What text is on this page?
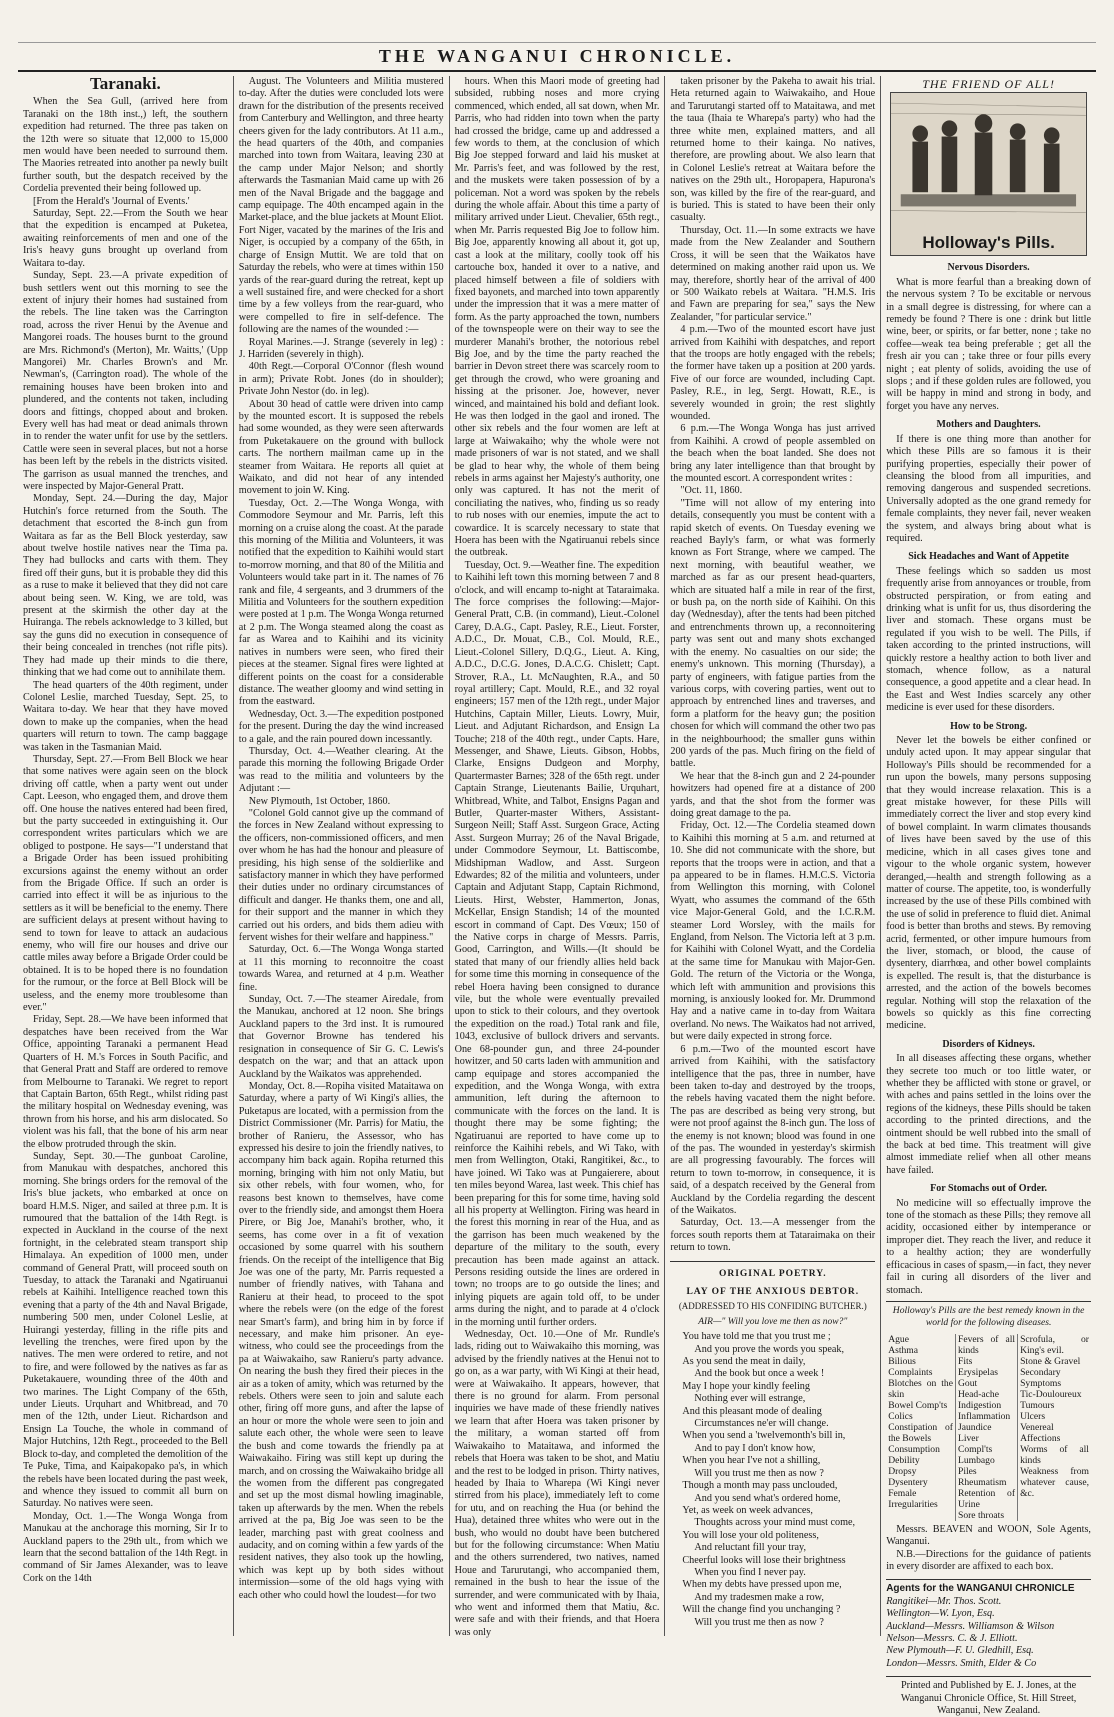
THE WANGANUI CHRONICLE.
Taranaki.

When the Sea Gull, (arrived here from Taranaki on the 18th inst.,) left, the southern expedition had returned. The three pas taken on the 12th were so situate that 12,000 to 15,000 men would have been needed to surround them. The Maories retreated into another pa newly built further south, but the despatch received by the Cordelia prevented their being followed up.

[From the Herald's 'Journal of Events.'

Saturday, Sept. 22.—From the South we hear that the expedition is encamped at Puketea, awaiting reinforcements of men and one of the Iris's heavy guns brought up overland from Waitara to-day.

Sunday, Sept. 23.—A private expedition of bush settlers went out this morning to see the extent of injury their homes had sustained from the rebels. The line taken was the Carrington road, across the river Henui by the Avenue and Mangorei roads. The houses burnt to the ground are Mrs. Richmond's (Merton), Mr. Waitts,' (Upp Mangorei) Mr. Charles Brown's and Mr. Newman's, (Carrington road). The whole of the remaining houses have been broken into and plundered, and the contents not taken, including doors and fittings, chopped about and broken. Every well has had meat or dead animals thrown in to render the water unfit for use by the settlers. Cattle were seen in several places, but not a horse has been left by the rebels in the districts visited. The garrison as usual manned the trenches, and were inspected by Major-General Pratt.

Monday, Sept. 24.—During the day, Major Hutchin's force returned from the South. The detachment that escorted the 8-inch gun from Waitara as far as the Bell Block yesterday, saw about twelve hostile natives near the Tima pa. They had bullocks and carts with them. They fired off their guns, but it is probable they did this as a ruse to make it believed that they did not care about being seen. W. King, we are told, was present at the skirmish the other day at the Huiranga. The rebels acknowledge to 3 killed, but say the guns did no execution in consequence of their being concealed in trenches (not rifle pits). They had made up their minds to die there, thinking that we had come out to annihilate them.

The head quarters of the 40th regiment, under Colonel Leslie, marched Tuesday, Sept. 25, to Waitara to-day. We hear that they have moved down to make up the companies, when the head quarters will return to town. The camp baggage was taken in the Tasmanian Maid.

Thursday, Sept. 27.—From Bell Block we hear that some natives were again seen on the block driving off cattle, when a party went out under Capt. Leeson, who engaged them, and drove them off. One house the natives entered had been fired, but the party succeeded in extinguishing it. Our correspondent writes particulars which we are obliged to postpone. He says—"I understand that a Brigade Order has been issued prohibiting excursions against the enemy without an order from the Brigade Office. If such an order is carried into effect it will be as injurious to the settlers as it will be beneficial to the enemy. There are sufficient delays at present without having to send to town for leave to attack an audacious enemy, who will fire our houses and drive our cattle miles away before a Brigade Order could be obtained. It is to be hoped there is no foundation for the rumour, or the force at Bell Block will be useless, and the enemy more troublesome than ever."

Friday, Sept. 28.—We have been informed that despatches have been received from the War Office, appointing Taranaki a permanent Head Quarters of H. M.'s Forces in South Pacific, and that General Pratt and Staff are ordered to remove from Melbourne to Taranaki. We regret to report that Captain Barton, 65th Regt., whilst riding past the military hospital on Wednesday evening, was thrown from his horse, and his arm dislocated. So violent was his fall, that the bone of his arm near the elbow protruded through the skin.

Sunday, Sept. 30.—The gunboat Caroline, from Manukau with despatches, anchored this morning. She brings orders for the removal of the Iris's blue jackets, who embarked at once on board H.M.S. Niger, and sailed at three p.m. It is rumoured that the battalion of the 14th Regt. is expected in Auckland in the course of the next fortnight, in the celebrated steam transport ship Himalaya. An expedition of 1000 men, under command of General Pratt, will proceed south on Tuesday, to attack the Taranaki and Ngatiruanui rebels at Kaihihi. Intelligence reached town this evening that a party of the 4th and Naval Brigade, numbering 500 men, under Colonel Leslie, at Huirangi yesterday, filling in the rifle pits and levelling the trenches, were fired upon by the natives. The men were ordered to retire, and not to fire, and were followed by the natives as far as Puketakauere, wounding three of the 40th and two marines. The Light Company of the 65th, under Lieuts. Urquhart and Whitbread, and 70 men of the 12th, under Lieut. Richardson and Ensign La Touche, the whole in command of Major Hutchins, 12th Regt., proceeded to the Bell Block to-day, and completed the demolition of the Te Puke, Tima, and Kaipakopako pa's, in which the rebels have been located during the past week, and whence they issued to commit all burn on Saturday. No natives were seen.

Monday, Oct. 1.—The Wonga Wonga from Manukau at the anchorage this morning, Sir Ir to Auckland papers to the 29th ult., from which we learn that the second battalion of the 14th Regt. in command of Sir James Alexander, was to leave Cork on the 14th

August. The Volunteers and Militia mustered to-day. After the duties were concluded lots were drawn for the distribution of the presents received from Canterbury and Wellington, and three hearty cheers given for the lady contributors. At 11 a.m., the head quarters of the 40th, and companies marched into town from Waitara, leaving 230 at the camp under Major Nelson; and shortly afterwards the Tasmanian Maid came up with 26 men of the Naval Brigade and the baggage and camp equipage. The 40th encamped again in the Market-place, and the blue jackets at Mount Eliot. Fort Niger, vacated by the marines of the Iris and Niger, is occupied by a company of the 65th, in charge of Ensign Muttit. We are told that on Saturday the rebels, who were at times within 150 yards of the rear-guard during the retreat, kept up a well sustained fire, and were checked for a short time by a few volleys from the rear-guard, who were compelled to fire in self-defence. The following are the names of the wounded :—

Royal Marines.—J. Strange (severely in leg) : J. Harriden (severely in thigh).

40th Regt.—Corporal O'Connor (flesh wound in arm); Private Robt. Jones (do in shoulder); Private John Nestor (do. in leg).

About 30 head of cattle were driven into camp by the mounted escort. It is supposed the rebels had some wounded, as they were seen afterwards from Puketakauere on the ground with bullock carts. The northern mailman came up in the steamer from Waitara. He reports all quiet at Waikato, and did not hear of any intended movement to join W. King.

Tuesday, Oct. 2.—The Wonga Wonga, with Commodore Seymour and Mr. Parris, left this morning on a cruise along the coast. At the parade this morning of the Militia and Volunteers, it was notified that the expedition to Kaihihi would start to-morrow morning, and that 80 of the Militia and Volunteers would take part in it. The names of 76 rank and file, 4 sergeants, and 3 drummers of the Militia and Volunteers for the southern expedition were posted at 1 p.m. The Wonga Wonga returned at 2 p.m. The Wonga steamed along the coast as far as Warea and to Kaihihi and its vicinity natives in numbers were seen, who fired their pieces at the steamer. Signal fires were lighted at different points on the coast for a considerable distance. The weather gloomy and wind setting in from the eastward.

Wednesday, Oct. 3.—The expedition postponed for the present. During the day the wind increased to a gale, and the rain poured down incessantly.

Thursday, Oct. 4.—Weather clearing. At the parade this morning the following Brigade Order was read to the militia and volunteers by the Adjutant :—

New Plymouth, 1st October, 1860.

"Colonel Gold cannot give up the command of the forces in New Zealand without expressing to the officers, non-commissioned officers, and men over whom he has had the honour and pleasure of presiding, his high sense of the soldierlike and satisfactory manner in which they have performed their duties under no ordinary circumstances of difficult and danger. He thanks them, one and all, for their support and the manner in which they carried out his orders, and bids them adieu with fervent wishes for their welfare and happiness."

Saturday, Oct. 6.—The Wonga Wonga started at 11 this morning to reconnoitre the coast towards Warea, and returned at 4 p.m. Weather fine.

Sunday, Oct. 7.—The steamer Airedale, from the Manukau, anchored at 12 noon. She brings Auckland papers to the 3rd inst. It is rumoured that Governor Browne has tendered his resignation in consequence of Sir G. C. Lewis's despatch on the war; and that an attack upon Auckland by the Waikatos was apprehended.

Monday, Oct. 8.—Ropiha visited Mataitawa on Saturday, where a party of Wi Kingi's allies, the Puketapus are located, with a permission from the District Commissioner (Mr. Parris) for Matiu, the brother of Ranieru, the Assessor, who has expressed his desire to join the friendly natives, to accompany him back again. Ropiha returned this morning, bringing with him not only Matiu, but six other rebels, with four women, who, for reasons best known to themselves, have come over to the friendly side, and amongst them Hoera Pirere, or Big Joe, Manahi's brother, who, it seems, has come over in a fit of vexation occasioned by some quarrel with his southern friends. On the receipt of the intelligence that Big Joe was one of the party, Mr. Parris requested a number of friendly natives, with Tahana and Ranieru at their head, to proceed to the spot where the rebels were (on the edge of the forest near Smart's farm), and bring him in by force if necessary, and make him prisoner. An eye-witness, who could see the proceedings from the pa at Waiwakaiho, saw Ranieru's party advance. On nearing the bush they fired their pieces in the air as a token of amity, which was returned by the rebels. Others were seen to join and salute each other, firing off more guns, and after the lapse of an hour or more the whole were seen to join and salute each other, the whole were seen to leave the bush and come towards the friendly pa at Waiwakaiho. Firing was still kept up during the march, and on crossing the Waiwakaiho bridge all the women from the different pas congregated and set up the most dismal howling imaginable, taken up afterwards by the men. When the rebels arrived at the pa, Big Joe was seen to be the leader, marching past with great coolness and audacity, and on coming within a few yards of the resident natives, they also took up the howling, which was kept up by both sides without intermission—some of the old hags vying with each other who could howl the loudest—for two

hours. When this Maori mode of greeting had subsided, rubbing noses and more crying commenced, which ended, all sat down, when Mr. Parris, who had ridden into town when the party had crossed the bridge, came up and addressed a few words to them, at the conclusion of which Big Joe stepped forward and laid his musket at Mr. Parris's feet, and was followed by the rest, and the muskets were taken possession of by a policeman. Not a word was spoken by the rebels during the whole affair. About this time a party of military arrived under Lieut. Chevalier, 65th regt., when Mr. Parris requested Big Joe to follow him. Big Joe, apparently knowing all about it, got up, cast a look at the military, coolly took off his cartouche box, handed it over to a native, and placed himself between a file of soldiers with fixed bayonets, and marched into town apparently under the impression that it was a mere matter of form. As the party approached the town, numbers of the townspeople were on their way to see the murderer Manahi's brother, the notorious rebel Big Joe, and by the time the party reached the barrier in Devon street there was scarcely room to get through the crowd, who were groaning and hissing at the prisoner. Joe, however, never winced, and maintained his bold and defiant look. He was then lodged in the gaol and ironed. The other six rebels and the four women are left at large at Waiwakaiho; why the whole were not made prisoners of war is not stated, and we shall be glad to hear why, the whole of them being rebels in arms against her Majesty's authority, one only was captured. It has not the merit of conciliating the natives, who, finding us so ready to rub noses with our enemies, impute the act to cowardice. It is scarcely necessary to state that Hoera has been with the Ngatiruanui rebels since the outbreak.

Tuesday, Oct. 9.—Weather fine. The expedition to Kaihihi left town this morning between 7 and 8 o'clock, and will encamp to-night at Tataraimaka. The force comprises the following:—Major-General Pratt, C.B. (in command), Lieut.-Colonel Carey, D.A.G., Capt. Pasley, R.E., Lieut. Forster, A.D.C., Dr. Mouat, C.B., Col. Mould, R.E., Lieut.-Colonel Sillery, D.Q.G., Lieut. A. King, A.D.C., D.C.G. Jones, D.A.C.G. Chislett; Capt. Strover, R.A., Lt. McNaughten, R.A., and 50 royal artillery; Capt. Mould, R.E., and 32 royal engineers; 157 men of the 12th regt., under Major Hutchins, Captain Miller, Lieuts. Lowry, Muir, Lieut. and Adjutant Richardson, and Ensign La Touche; 218 of the 40th regt., under Capts. Hare, Messenger, and Shawe, Lieuts. Gibson, Hobbs, Clarke, Ensigns Dudgeon and Morphy, Quartermaster Barnes; 328 of the 65th regt. under Captain Strange, Lieutenants Bailie, Urquhart, Whitbread, White, and Talbot, Ensigns Pagan and Butler, Quarter-master Withers, Assistant-Surgeon Neill; Staff Asst. Surgeon Grace, Acting Asst. Surgeon Murray; 26 of the Naval Brigade, under Commodore Seymour, Lt. Battiscombe, Midshipman Wadlow, and Asst. Surgeon Edwardes; 82 of the militia and volunteers, under Captain and Adjutant Stapp, Captain Richmond, Lieuts. Hirst, Webster, Hammerton, Jonas, McKellar, Ensign Standish; 14 of the mounted escort in command of Capt. Des Vœux; 150 of the Native corps in charge of Messrs. Parris, Good, Carrington, and Wills.—(It should be stated that many of our friendly allies held back for some time this morning in consequence of the rebel Hoera having been consigned to durance vile, but the whole were eventually prevailed upon to stick to their colours, and they overtook the expedition on the road.) Total rank and file, 1043, exclusive of bullock drivers and servants. One 68-pounder gun, and three 24-pounder howitzer, and 50 carts laden with ammunition and camp equipage and stores accompanied the expedition, and the Wonga Wonga, with extra ammunition, left during the afternoon to communicate with the forces on the land. It is thought there may be some fighting; the Ngatiruanui are reported to have come up to reinforce the Kaihihi rebels, and Wi Tako, with men from Wellington, Otaki, Rangitikei, &c., to have joined. Wi Tako was at Pungaierere, about ten miles beyond Warea, last week. This chief has been preparing for this for some time, having sold all his property at Wellington. Firing was heard in the forest this morning in rear of the Hua, and as the garrison has been much weakened by the departure of the military to the south, every precaution has been made against an attack. Persons residing outside the lines are ordered in town; no troops are to go outside the lines; and inlying piquets are again told off, to be under arms during the night, and to parade at 4 o'clock in the morning until further orders.

Wednesday, Oct. 10.—One of Mr. Rundle's lads, riding out to Waiwakaiho this morning, was advised by the friendly natives at the Henui not to go on, as a war party, with Wi Kingi at their head, were at Waiwakaiho. It appears, however, that there is no ground for alarm. From personal inquiries we have made of these friendly natives we learn that after Hoera was taken prisoner by the military, a woman started off from Waiwakaiho to Mataitawa, and informed the rebels that Hoera was taken to be shot, and Matiu and the rest to be lodged in prison. Thirty natives, headed by Ihaia to Wharepa (Wi Kingi never stirred from his place), immediately left to come for utu, and on reaching the Hua (or behind the Hua), detained three whites who were out in the bush, who would no doubt have been butchered but for the following circumstance: When Matiu and the others surrendered, two natives, named Houe and Tarurutangi, who accompanied them, remained in the bush to hear the issue of the surrender, and were communicated with by Ihaia, who went and informed them that Matiu, &c. were safe and with their friends, and that Hoera was only

taken prisoner by the Pakeha to await his trial. Heta returned again to Waiwakaiho, and Houe and Tarurutangi started off to Mataitawa, and met the taua (Ihaia te Wharepa's party) who had the three white men, explained matters, and all returned home to their kainga. No natives, therefore, are prowling about. We also learn that in Colonel Leslie's retreat at Waitara before the natives on the 29th ult., Horopapera, Hapurona's son, was killed by the fire of the rear-guard, and is buried. This is stated to have been their only casualty.

Thursday, Oct. 11.—In some extracts we have made from the New Zealander and Southern Cross, it will be seen that the Waikatos have determined on making another raid upon us. We may, therefore, shortly hear of the arrival of 400 or 500 Waikato rebels at Waitara. "H.M.S. Iris and Fawn are preparing for sea," says the New Zealander, "for particular service."

4 p.m.—Two of the mounted escort have just arrived from Kaihihi with despatches, and report that the troops are hotly engaged with the rebels; the former have taken up a position at 200 yards. Five of our force are wounded, including Capt. Pasley, R.E., in leg, Sergt. Howatt, R.E., is severely wounded in groin; the rest slightly wounded.

6 p.m.—The Wonga Wonga has just arrived from Kaihihi. A crowd of people assembled on the beach when the boat landed. She does not bring any later intelligence than that brought by the mounted escort. A correspondent writes :

"Oct. 11, 1860.

"Time will not allow of my entering into details, consequently you must be content with a rapid sketch of events. On Tuesday evening we reached Bayly's farm, or what was formerly known as Fort Strange, where we camped. The next morning, with beautiful weather, we marched as far as our present head-quarters, which are situated half a mile in rear of the first, or bush pa, on the north side of Kaihihi. On this day (Wednesday), after the tents had been pitched and entrenchments thrown up, a reconnoitering party was sent out and many shots exchanged with the enemy. No casualties on our side; the enemy's unknown. This morning (Thursday), a party of engineers, with fatigue parties from the various corps, with covering parties, went out to approach by entrenched lines and traverses, and form a platform for the heavy gun; the position chosen for which will command the other two pas in the neighbourhood; the smaller guns within 200 yards of the pas. Much firing on the field of battle.

We hear that the 8-inch gun and 2 24-pounder howitzers had opened fire at a distance of 200 yards, and that the shot from the former was doing great damage to the pa.

Friday, Oct. 12.—The Cordelia steamed down to Kaihihi this morning at 5 a.m. and returned at 10. She did not communicate with the shore, but reports that the troops were in action, and that a pa appeared to be in flames. H.M.C.S. Victoria from Wellington this morning, with Colonel Wyatt, who assumes the command of the 65th vice Major-General Gold, and the I.C.R.M. steamer Lord Worsley, with the mails for England, from Nelson. The Victoria left at 3 p.m. for Kaihihi with Colonel Wyatt, and the Cordelia at the same time for Manukau with Major-Gen. Gold. The return of the Victoria or the Wonga, which left with ammunition and provisions this morning, is anxiously looked for. Mr. Drummond Hay and a native came in to-day from Waitara overland. No news. The Waikatos had not arrived, but were daily expected in strong force.

6 p.m.—Two of the mounted escort have arrived from Kaihihi, with the satisfactory intelligence that the pas, three in number, have been taken to-day and destroyed by the troops, the rebels having vacated them the night before. The pas are described as being very strong, but were not proof against the 8-inch gun. The loss of the enemy is not known; blood was found in one of the pas. The wounded in yesterday's skirmish are all progressing favourably. The forces will return to town to-morrow, in consequence, it is said, of a despatch received by the General from Auckland by the Cordelia regarding the descent of the Waikatos.

Saturday, Oct. 13.—A messenger from the forces south reports them at Tataraimaka on their return to town.

ORIGINAL POETRY.
LAY OF THE ANXIOUS DEBTOR.
(ADDRESSED TO HIS CONFIDING BUTCHER.)
AIR—" Will you love me then as now?"

You have told me that you trust me ;

And you prove the words you speak,

As you send the meat in daily,

And the book but once a week !

May I hope your kindly feeling

Nothing ever will estrange,

And this pleasant mode of dealing

Circumstances ne'er will change.

When you send a 'twelvemonth's bill in,

And to pay I don't know how,

When you hear I've not a shilling,

Will you trust me then as now ?

Though a month may pass unclouded,

And you send what's ordered home,

Yet, as week on week advances,

Thoughts across your mind must come,

You will lose your old politeness,

And reluctant fill your tray,

Cheerful looks will lose their brightness

When you find I never pay.

When my debts have pressed upon me,

And my tradesmen make a row,

Will the change find you unchanging ?

Will you trust me then as now ?

THE FRIEND OF ALL!
Holloway's Pills.
Nervous Disorders.

What is more fearful than a breaking down of the nervous system ? To be excitable or nervous in a small degree is distressing, for where can a remedy be found ? There is one : drink but little wine, beer, or spirits, or far better, none ; take no coffee—weak tea being preferable ; get all the fresh air you can ; take three or four pills every night ; eat plenty of solids, avoiding the use of slops ; and if these golden rules are followed, you will be happy in mind and strong in body, and forget you have any nerves.

Mothers and Daughters.

If there is one thing more than another for which these Pills are so famous it is their purifying properties, especially their power of cleansing the blood from all impurities, and removing dangerous and suspended secretions. Universally adopted as the one grand remedy for female complaints, they never fail, never weaken the system, and always bring about what is required.

Sick Headaches and Want of Appetite

These feelings which so sadden us most frequently arise from annoyances or trouble, from obstructed perspiration, or from eating and drinking what is unfit for us, thus disordering the liver and stomach. These organs must be regulated if you wish to be well. The Pills, if taken according to the printed instructions, will quickly restore a healthy action to both liver and stomach, whence follow, as a natural consequence, a good appetite and a clear head. In the East and West Indies scarcely any other medicine is ever used for these disorders.

How to be Strong.

Never let the bowels be either confined or unduly acted upon. It may appear singular that Holloway's Pills should be recommended for a run upon the bowels, many persons supposing that they would increase relaxation. This is a great mistake however, for these Pills will immediately correct the liver and stop every kind of bowel complaint. In warm climates thousands of lives have been saved by the use of this medicine, which in all cases gives tone and vigour to the whole organic system, however deranged,—health and strength following as a matter of course. The appetite, too, is wonderfully increased by the use of these Pills combined with the use of solid in preference to fluid diet. Animal food is better than broths and stews. By removing acrid, fermented, or other impure humours from the liver, stomach, or blood, the cause of dysentery, diarrhœa, and other bowel complaints is expelled. The result is, that the disturbance is arrested, and the action of the bowels becomes regular. Nothing will stop the relaxation of the bowels so quickly as this fine correcting medicine.

Disorders of Kidneys.

In all diseases affecting these organs, whether they secrete too much or too little water, or whether they be afflicted with stone or gravel, or with aches and pains settled in the loins over the regions of the kidneys, these Pills should be taken according to the printed directions, and the ointment should be well rubbed into the small of the back at bed time. This treatment will give almost immediate relief when all other means have failed.

For Stomachs out of Order.

No medicine will so effectually improve the tone of the stomach as these Pills; they remove all acidity, occasioned either by intemperance or improper diet. They reach the liver, and reduce it to a healthy action; they are wonderfully efficacious in cases of spasm,—in fact, they never fail in curing all disorders of the liver and stomach.

Holloway's Pills are the best remedy known in the world for the following diseases.
Ague
Asthma
Bilious Complaints
Blotches on the skin
Bowel Comp'ts
Colics
Constipation of the Bowels
Consumption
Debility
Dropsy
Dysentery
Female Irregularities

Fevers of all kinds
Fits
Erysipelas
Gout
Head-ache
Indigestion
Inflammation
Jaundice
Liver Compl'ts
Lumbago
Piles
Rheumatism
Retention of Urine
Sore throats

Scrofula, or King's evil.
Stone & Gravel
Secondary Symptoms
Tic-Douloureux
Tumours
Ulcers
Venereal Affections
Worms of all kinds
Weakness from whatever cause, &c.

Messrs. BEAVEN and WOON, Sole Agents, Wanganui.

N.B.—Directions for the guidance of patients in every disorder are affixed to each box.

Agents for the WANGANUI CHRONICLE

Rangitikei—Mr. Thos. Scott.

Wellington—W. Lyon, Esq.

Auckland—Messrs. Williamson & Wilson

Nelson—Messrs. C. & J. Elliott.

New Plymouth—F. U. Gledhill, Esq.

London—Messrs. Smith, Elder & Co

Printed and Published by E. J. Jones, at the Wanganui Chronicle Office, St. Hill Street, Wanganui, New Zealand.
